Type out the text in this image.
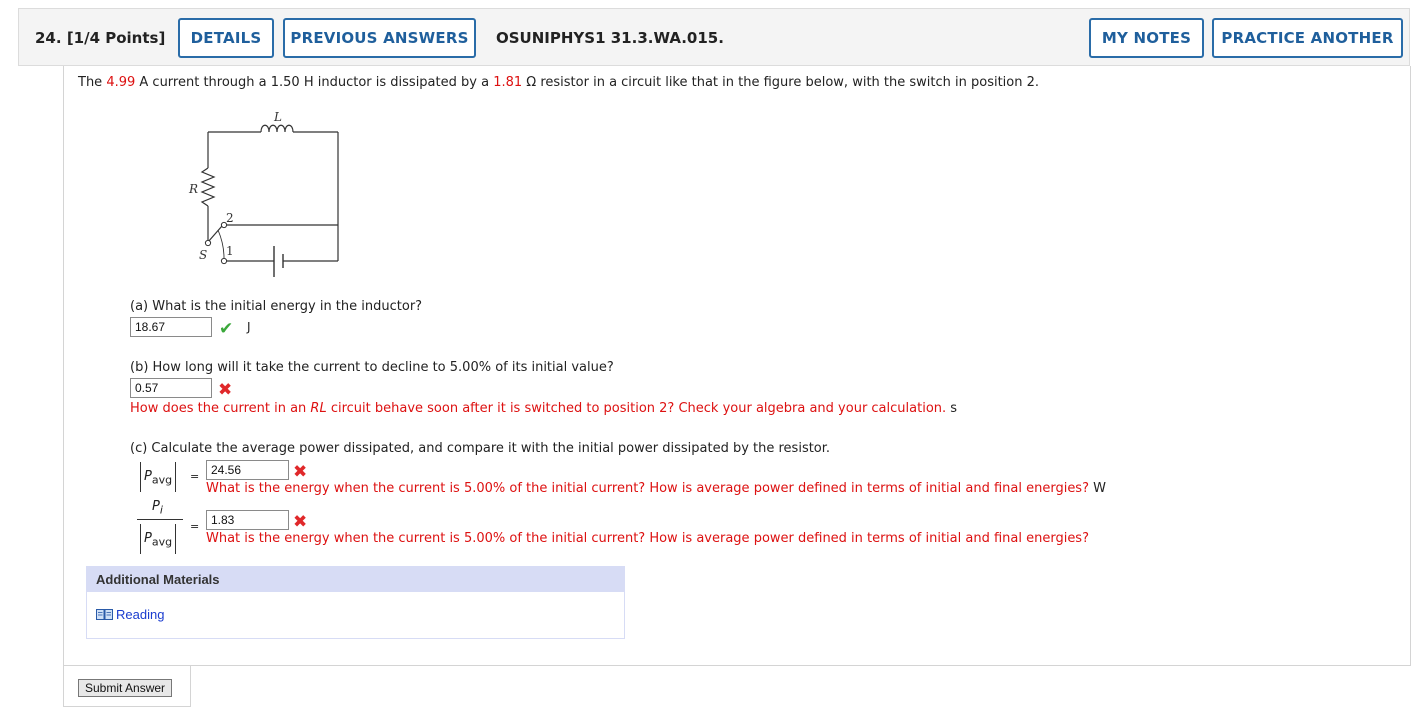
24. [1/4 Points]	DETAILS	PREVIOUS ANSWERS	OSUNIPHYS1 31.3.WA.015.	MY NOTES	PRACTICE ANOTHER
The 4.99 A current through a 1.50 H inductor is dissipated by a 1.81 Ω resistor in a circuit like that in the figure below, with the switch in position 2.
L
R
S
2
1
(a) What is the initial energy in the inductor?
18.67	✔ J
(b) How long will it take the current to decline to 5.00% of its initial value?
0.57	✖
How does the current in an RL circuit behave soon after it is switched to position 2? Check your algebra and your calculation. s
(c) Calculate the average power dissipated, and compare it with the initial power dissipated by the resistor.
$P_{avg}$	= 24.56	✖
What is the energy when the current is 5.00% of the initial current? How is average power defined in terms of initial and final energies? W
$P_i$
$P_{avg}$
= 1.83	✖
What is the energy when the current is 5.00% of the initial current? How is average power defined in terms of initial and final energies?
Additional Materials
Reading
Submit Answer
